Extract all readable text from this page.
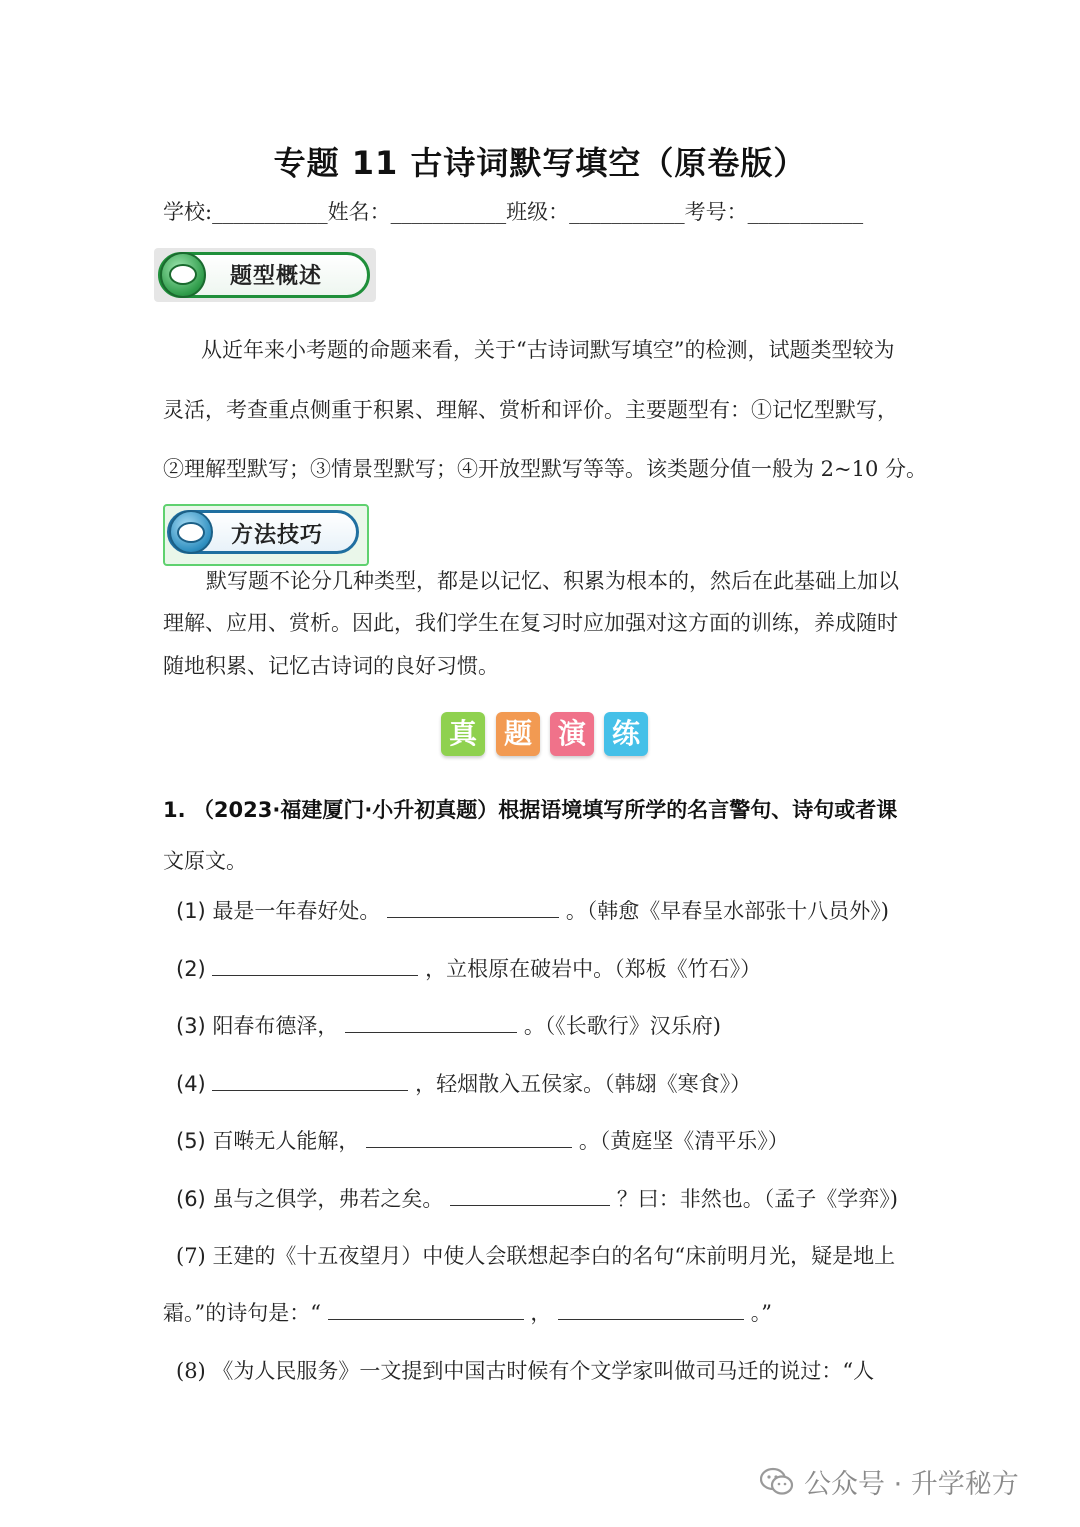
专题 11 古诗词默写填空（原卷版）
学校:___________姓名：___________班级：___________考号：___________
题型概述
从近年来小考题的命题来看，关于“古诗词默写填空”的检测，试题类型较为
灵活，考查重点侧重于积累、理解、赏析和评价。主要题型有：①记忆型默写，
②理解型默写；③情景型默写；④开放型默写等等。该类题分值一般为 2~10 分。
方法技巧
默写题不论分几种类型，都是以记忆、积累为根本的，然后在此基础上加以
理解、应用、赏析。因此，我们学生在复习时应加强对这方面的训练，养成随时
随地积累、记忆古诗词的良好习惯。
真 题 演 练
1. （2023·福建厦门·小升初真题）根据语境填写所学的名言警句、诗句或者课
文原文。
(1) 最是一年春好处。	。（韩愈《早春呈水部张十八员外》)
(2)	，立根原在破岩中。（郑板《竹石》）
(3) 阳春布德泽，	。（《长歌行》汉乐府)
(4)	，轻烟散入五侯家。（韩翃《寒食》）
(5) 百啭无人能解，	。（黄庭坚《清平乐》）
(6) 虽与之俱学，弗若之矣。	？曰：非然也。（孟子《学弈》)
(7) 王建的《十五夜望月）中使人会联想起李白的名句“床前明月光，疑是地上
霜。”的诗句是：“	，	。”
(8) 《为人民服务》一文提到中国古时候有个文学家叫做司马迁的说过：“人
公众号 · 升学秘方
